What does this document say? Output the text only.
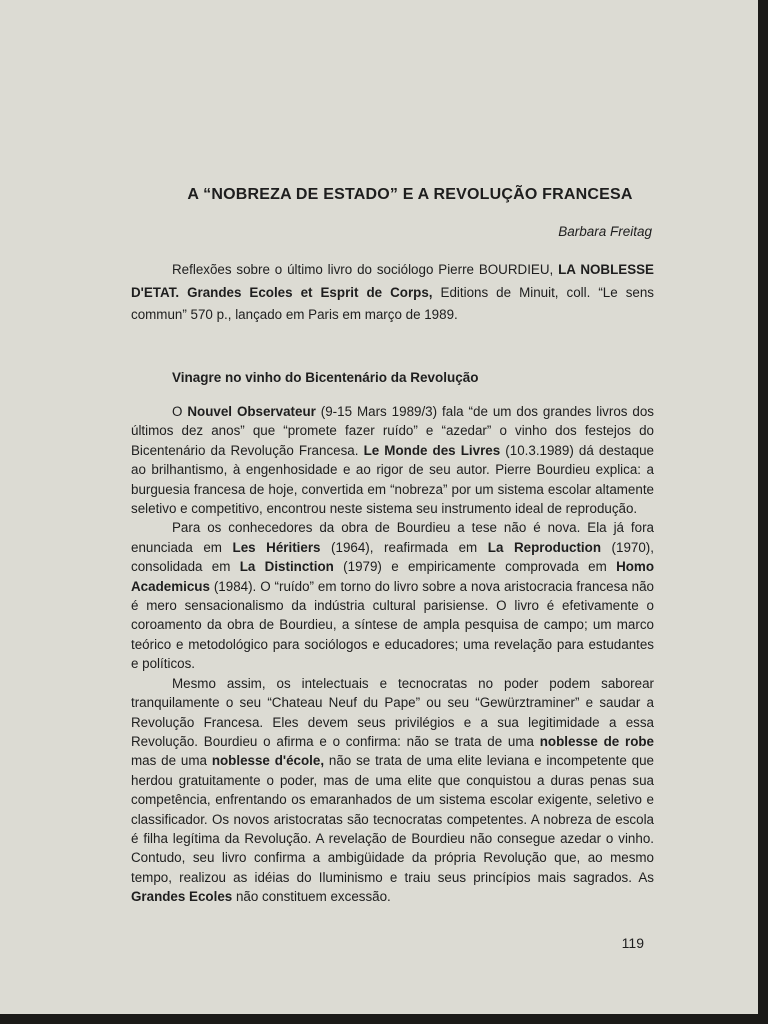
A “NOBREZA DE ESTADO” E A REVOLUÇÃO FRANCESA
Barbara Freitag
Reflexões sobre o último livro do sociólogo Pierre BOURDIEU, LA NOBLESSE D'ETAT. Grandes Ecoles et Esprit de Corps, Editions de Minuit, coll. “Le sens commun” 570 p., lançado em Paris em março de 1989.
Vinagre no vinho do Bicentenário da Revolução

O Nouvel Observateur (9-15 Mars 1989/3) fala “de um dos grandes livros dos últimos dez anos” que “promete fazer ruído” e “azedar” o vinho dos festejos do Bicentenário da Revolução Francesa. Le Monde des Livres (10.3.1989) dá destaque ao brilhantismo, à engenhosidade e ao rigor de seu autor. Pierre Bourdieu explica: a burguesia francesa de hoje, convertida em “nobreza” por um sistema escolar altamente seletivo e competitivo, encontrou neste sistema seu instrumento ideal de reprodução.

Para os conhecedores da obra de Bourdieu a tese não é nova. Ela já fora enunciada em Les Héritiers (1964), reafirmada em La Reproduction (1970), consolidada em La Distinction (1979) e empiricamente comprovada em Homo Academicus (1984). O “ruído” em torno do livro sobre a nova aristocracia francesa não é mero sensacionalismo da indústria cultural parisiense. O livro é efetivamente o coroamento da obra de Bourdieu, a síntese de ampla pesquisa de campo; um marco teórico e metodológico para sociólogos e educadores; uma revelação para estudantes e políticos.

Mesmo assim, os intelectuais e tecnocratas no poder podem saborear tranquilamente o seu “Chateau Neuf du Pape” ou seu “Gewürztraminer” e saudar a Revolução Francesa. Eles devem seus privilégios e a sua legitimidade a essa Revolução. Bourdieu o afirma e o confirma: não se trata de uma noblesse de robe mas de uma noblesse d'école, não se trata de uma elite leviana e incompetente que herdou gratuitamente o poder, mas de uma elite que conquistou a duras penas sua competência, enfrentando os emaranhados de um sistema escolar exigente, seletivo e classificador. Os novos aristocratas são tecnocratas competentes. A nobreza de escola é filha legítima da Revolução. A revelação de Bourdieu não consegue azedar o vinho. Contudo, seu livro confirma a ambigüidade da própria Revolução que, ao mesmo tempo, realizou as idéias do Iluminismo e traiu seus princípios mais sagrados. As Grandes Ecoles não constituem excessão.

119
